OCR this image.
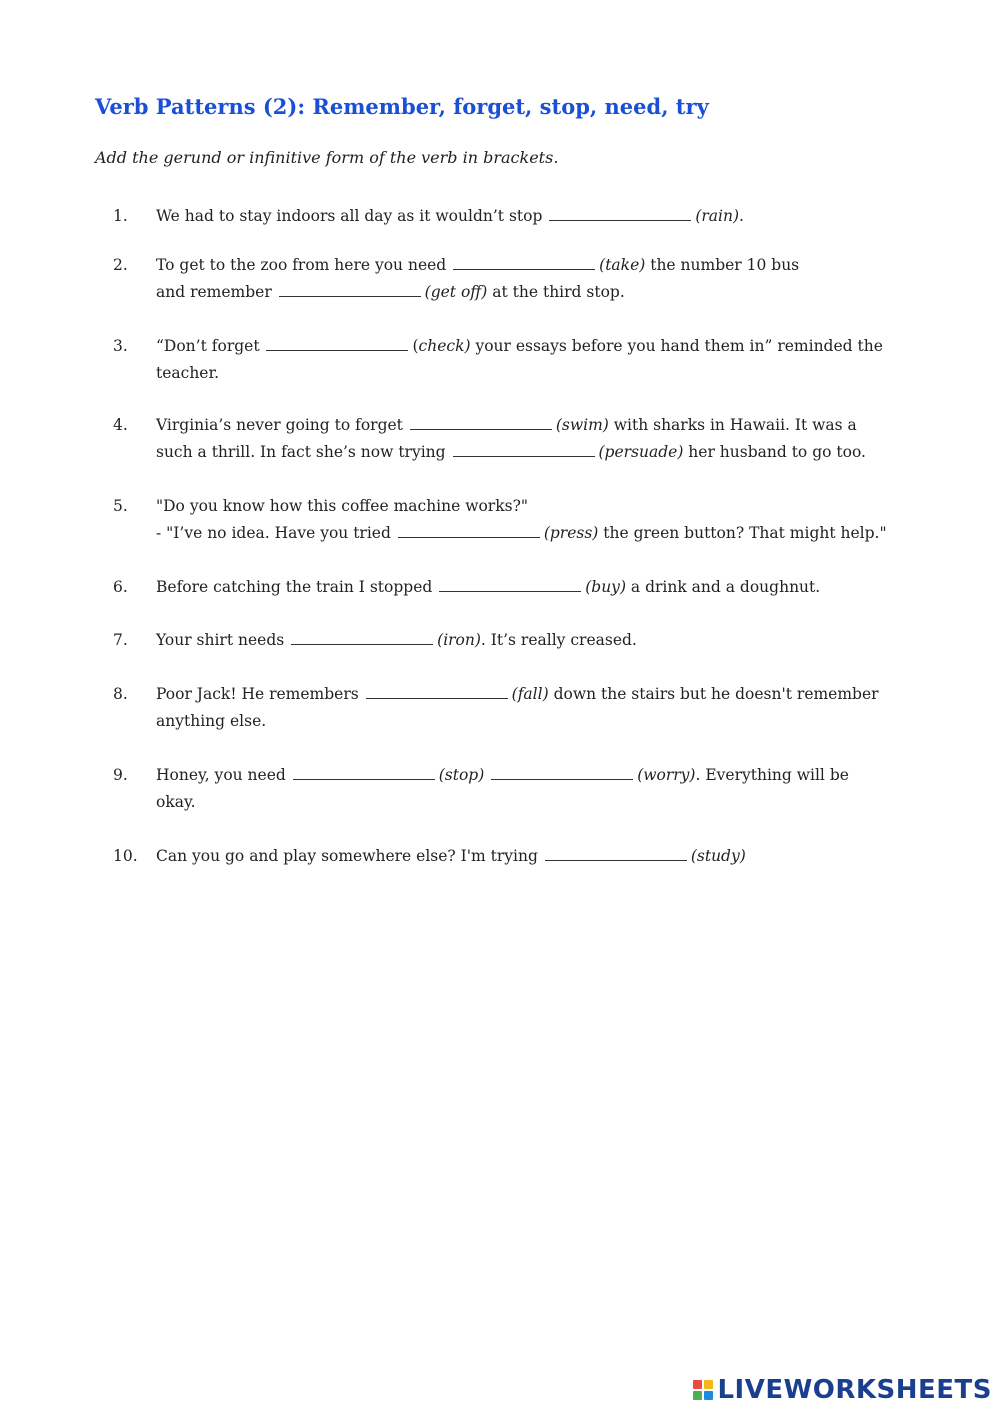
Verb Patterns (2): Remember, forget, stop, need, try

Add the gerund or infinitive form of the verb in brackets.

1. We had to stay indoors all day as it wouldn’t stop	(rain).
2. To get to the zoo from here you need	(take) the number 10 bus
and remember	(get off) at the third stop.
3. “Don’t forget	(check) your essays before you hand them in” reminded the
teacher.
4. Virginia’s never going to forget	(swim) with sharks in Hawaii. It was a
such a thrill. In fact she’s now trying	(persuade) her husband to go too.
5. "Do you know how this coffee machine works?"
- "I’ve no idea. Have you tried	(press) the green button? That might help."
6. Before catching the train I stopped	(buy) a drink and a doughnut.
7. Your shirt needs	(iron). It’s really creased.
8. Poor Jack! He remembers	(fall) down the stairs but he doesn't remember
anything else.
9. Honey, you need	(stop)	(worry). Everything will be
okay.
10. Can you go and play somewhere else? I'm trying	(study)
LIVEWORKSHEETS
